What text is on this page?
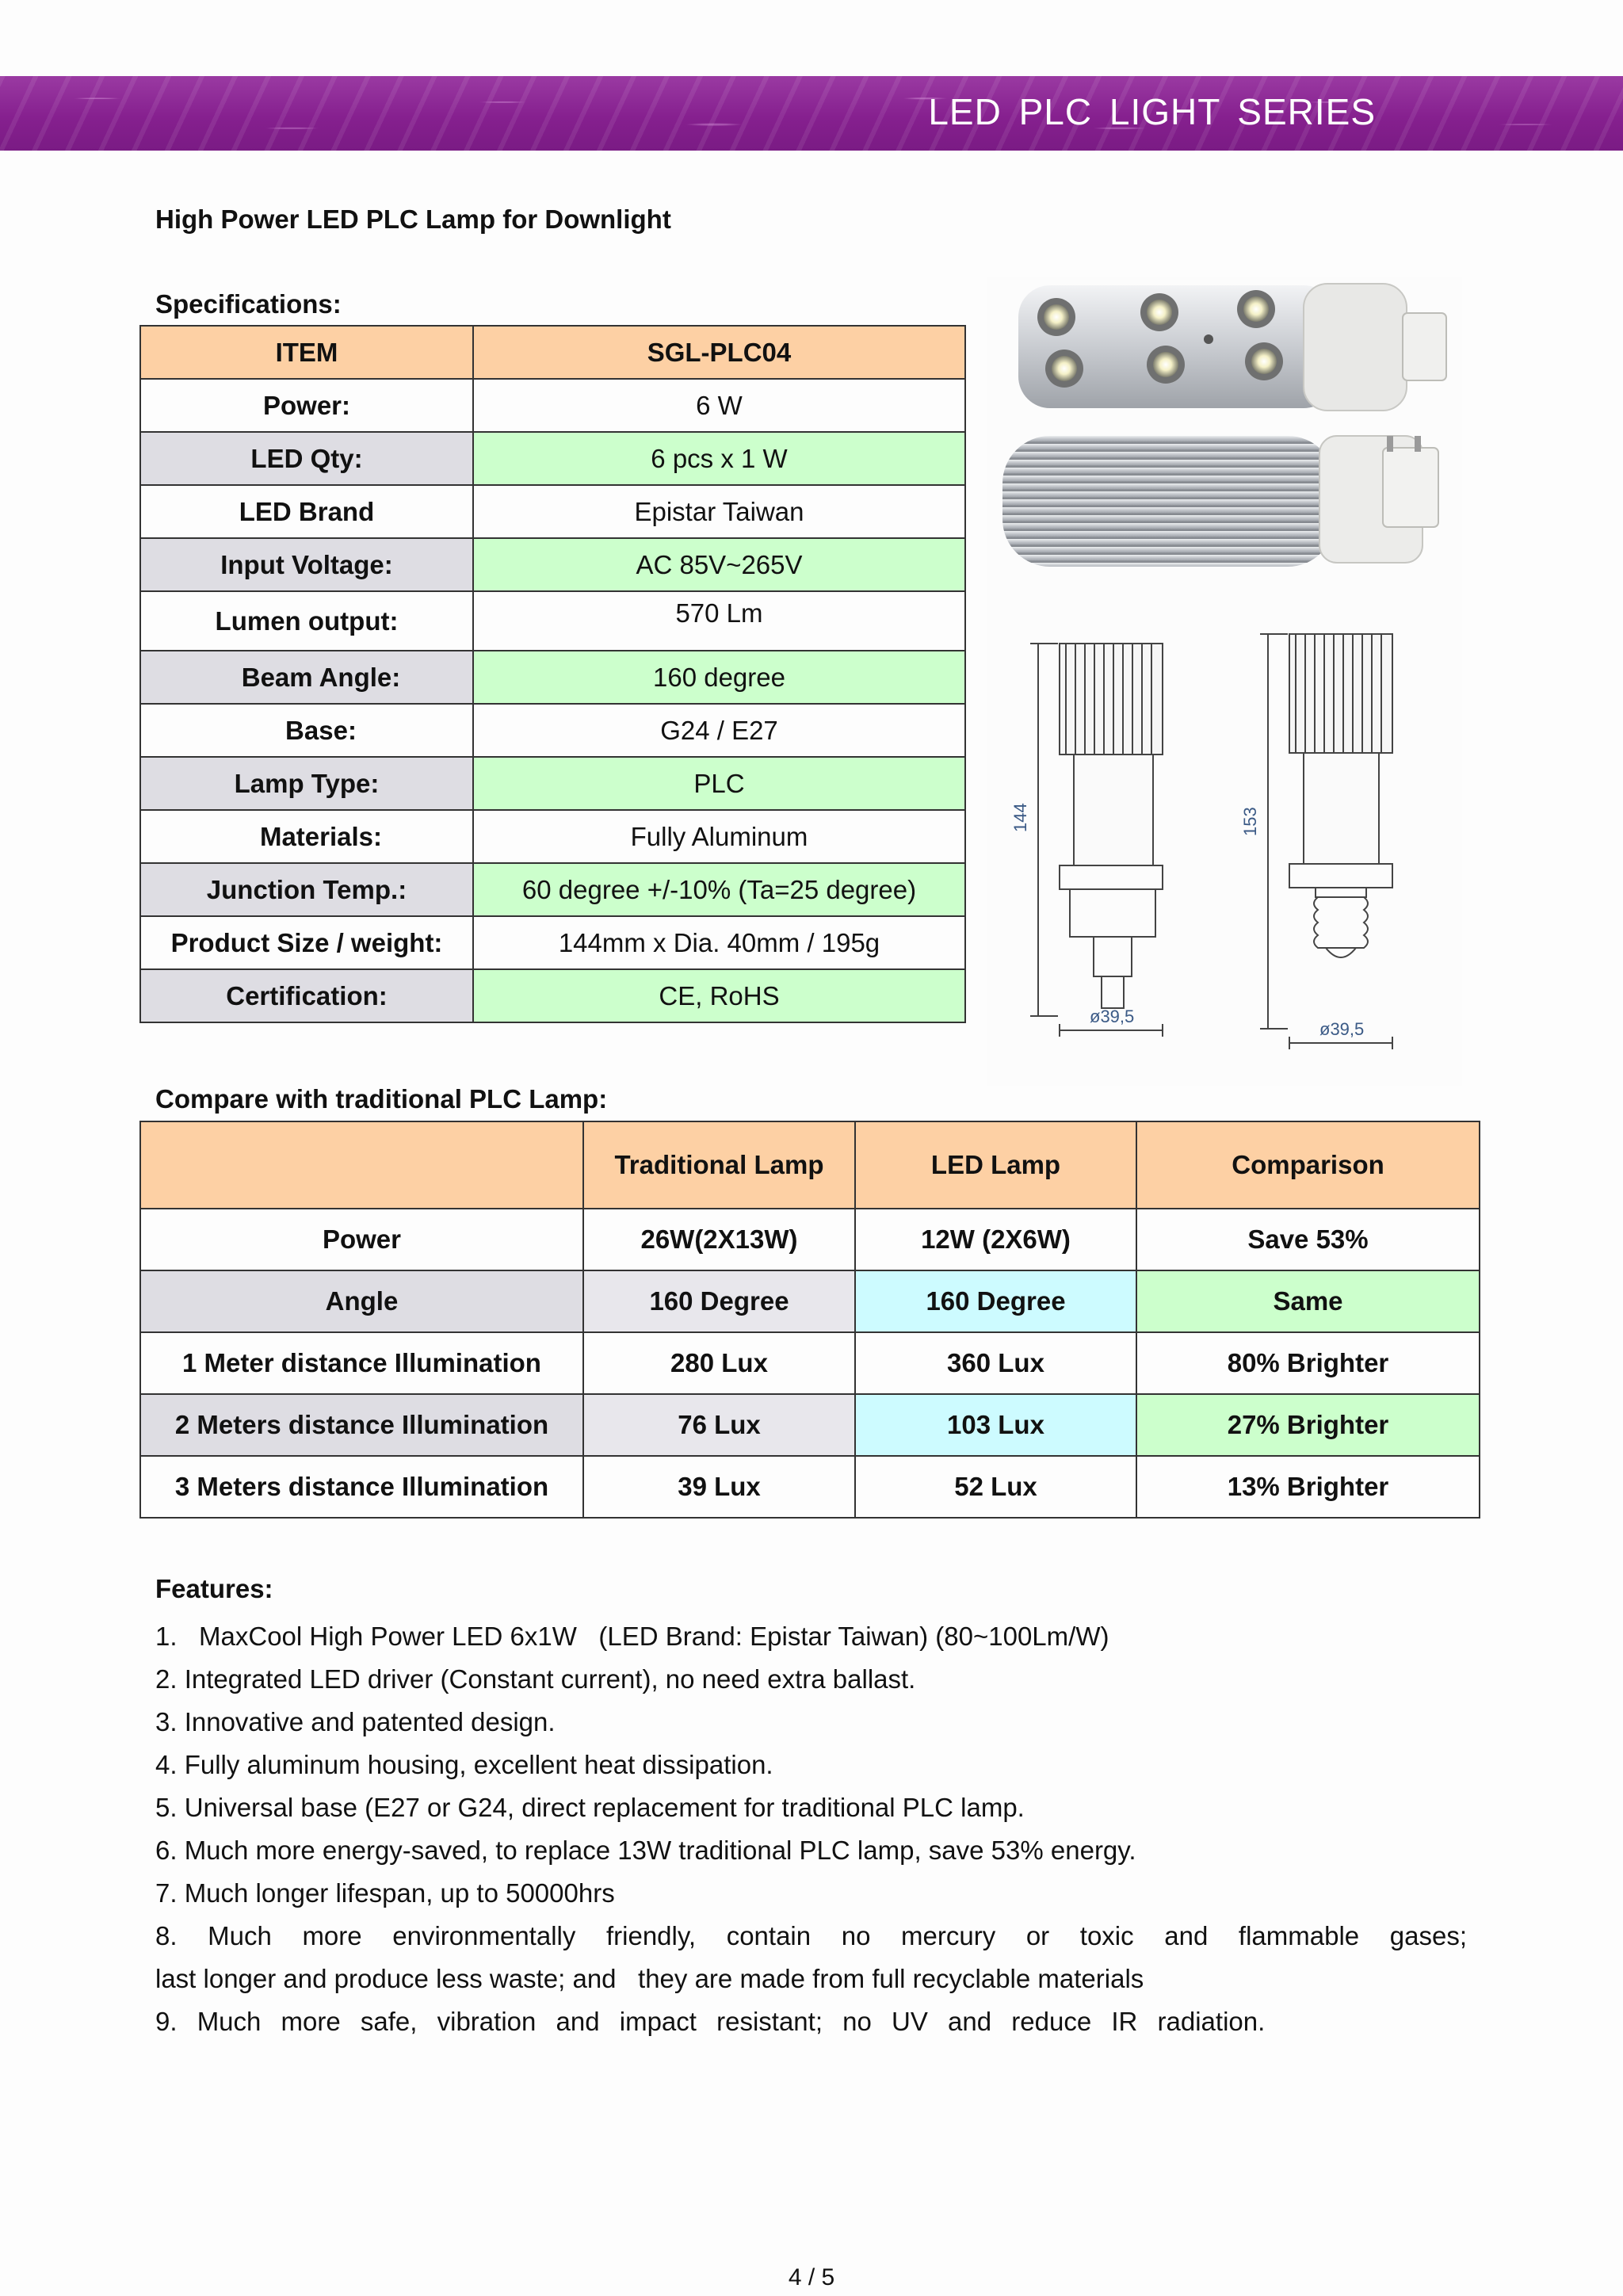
LED PLC LIGHT SERIES
High Power LED PLC Lamp for Downlight
Specifications:
ITEM	SGL-PLC04
Power:	6 W
LED Qty:	6 pcs x 1 W
LED Brand	Epistar Taiwan
Input Voltage:	AC 85V~265V
Lumen output:	570 Lm
Beam Angle:	160 degree
Base:	G24 / E27
Lamp Type:	PLC
Materials:	Fully Aluminum
Junction Temp.:	60 degree +/-10% (Ta=25 degree)
Product Size / weight:	144mm x Dia. 40mm / 195g
Certification:	CE, RoHS
144
ø39,5
153
ø39,5
Compare with traditional PLC Lamp:
	Traditional Lamp	LED Lamp	Comparison
Power	26W(2X13W)	12W (2X6W)	Save 53%
Angle	160 Degree	160 Degree	Same
1 Meter distance Illumination	280 Lux	360 Lux	80% Brighter
2 Meters distance Illumination	76 Lux	103 Lux	27% Brighter
3 Meters distance Illumination	39 Lux	52 Lux	13% Brighter
Features:
1.   MaxCool High Power LED 6x1W   (LED Brand: Epistar Taiwan) (80~100Lm/W)
2. Integrated LED driver (Constant current), no need extra ballast.
3. Innovative and patented design.
4. Fully aluminum housing, excellent heat dissipation.
5. Universal base (E27 or G24, direct replacement for traditional PLC lamp.
6. Much more energy-saved, to replace 13W traditional PLC lamp, save 53% energy.
7. Much longer lifespan, up to 50000hrs
8. Much more environmentally friendly, contain no mercury or toxic and flammable gases;
last longer and produce less waste; and   they are made from full recyclable materials
9. Much more safe, vibration and impact resistant; no UV and reduce IR radiation.
4 / 5
